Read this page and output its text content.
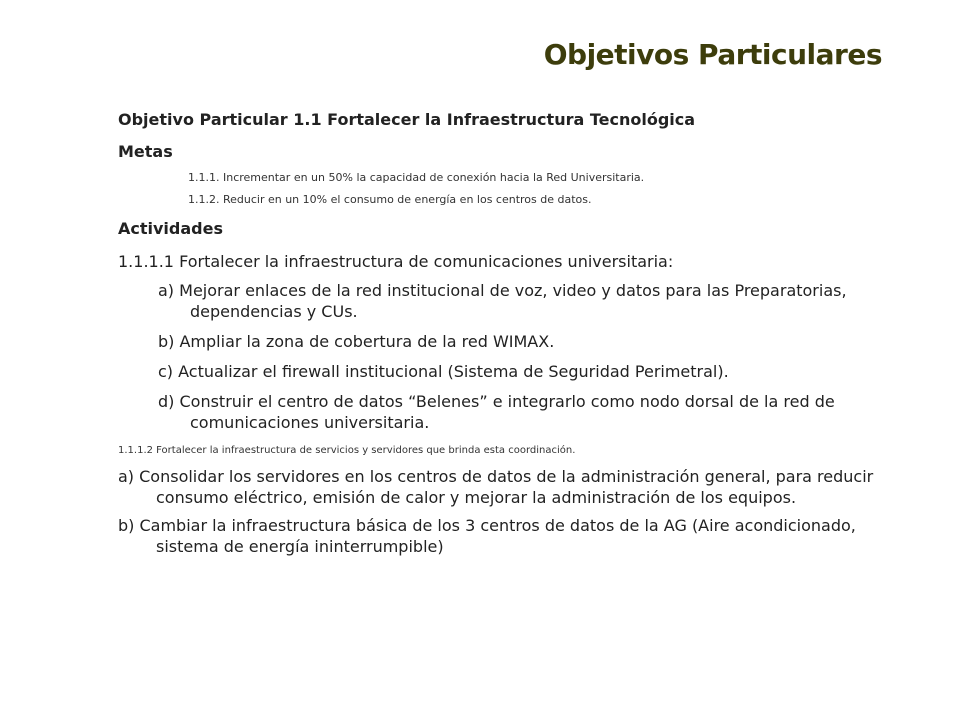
Objetivos Particulares
Objetivo Particular 1.1 Fortalecer la Infraestructura Tecnológica
Metas
1.1.1. Incrementar en un 50% la capacidad de conexión hacia la Red Universitaria.
1.1.2. Reducir en un 10% el consumo de energía en los centros de datos.
Actividades
1.1.1.1 Fortalecer la infraestructura de comunicaciones universitaria:
a) Mejorar enlaces de la red institucional de voz, video y datos para las Preparatorias, dependencias y CUs.
b) Ampliar la zona de cobertura de la red WIMAX.
c) Actualizar el firewall institucional (Sistema de Seguridad Perimetral).
d) Construir el centro de datos “Belenes” e integrarlo como nodo dorsal de la red de comunicaciones universitaria.
1.1.1.2 Fortalecer la infraestructura de servicios y servidores que brinda esta coordinación.
a) Consolidar los servidores en los centros de datos de la administración general, para reducir consumo eléctrico, emisión de calor y mejorar la administración de los equipos.
b) Cambiar la infraestructura básica de los 3 centros de datos de la AG (Aire acondicionado, sistema de energía ininterrumpible)
